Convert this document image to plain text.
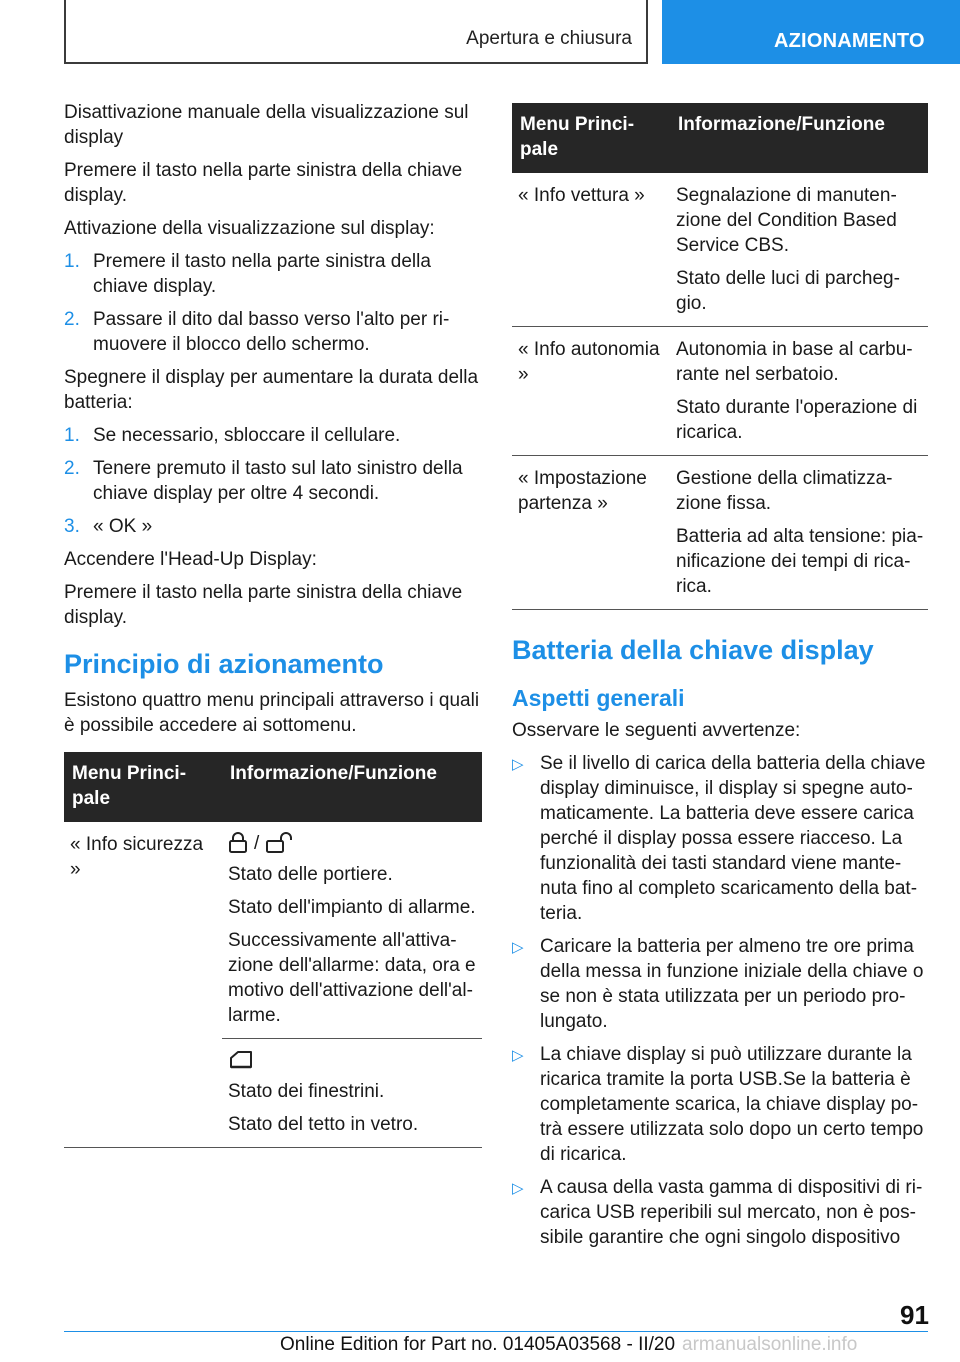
Apertura e chiusura	AZIONAMENTO

Disattivazione manuale della visualizzazione sul display

Premere il tasto nella parte sinistra della chiave display.

Attivazione della visualizzazione sul display:

1. Premere il tasto nella parte sinistra della chiave display.
2. Passare il dito dal basso verso l'alto per rimuovere il blocco dello schermo.

Spegnere il display per aumentare la durata della batteria:

1. Se necessario, sbloccare il cellulare.
2. Tenere premuto il tasto sul lato sinistro della chiave display per oltre 4 secondi.
3. « OK »

Accendere l'Head-Up Display:

Premere il tasto nella parte sinistra della chiave display.

Principio di azionamento

Esistono quattro menu principali attraverso i quali è possibile accedere ai sottomenu.

Menu Principale	Informazione/Funzione
« Info sicurezza »	/

Stato delle portiere.

Stato dell'impianto di allarme.

Successivamente all'attivazione dell'allarme: data, ora e motivo dell'attivazione dell'allarme.

	Stato dei finestrini.

Stato del tetto in vetro.

Menu Principale	Informazione/Funzione
« Info vettura »	Segnalazione di manutenzione del Condition Based Service CBS.

Stato delle luci di parcheggio.

« Info autonomia »	Autonomia in base al carburante nel serbatoio.

Stato durante l'operazione di ricarica.

« Impostazione partenza »	Gestione della climatizzazione fissa.

Batteria ad alta tensione: pianificazione dei tempi di ricarica.

Batteria della chiave display
Aspetti generali

Osservare le seguenti avvertenze:

▷ Se il livello di carica della batteria della chiave display diminuisce, il display si spegne automaticamente. La batteria deve essere carica perché il display possa essere riacceso. La funzionalità dei tasti standard viene mantenuta fino al completo scaricamento della batteria.
▷ Caricare la batteria per almeno tre ore prima della messa in funzione iniziale della chiave o se non è stata utilizzata per un periodo prolungato.
▷ La chiave display si può utilizzare durante la ricarica tramite la porta USB.Se la batteria è completamente scarica, la chiave display potrà essere utilizzata solo dopo un certo tempo di ricarica.
▷ A causa della vasta gamma di dispositivi di ricarica USB reperibili sul mercato, non è possibile garantire che ogni singolo dispositivo
91
Online Edition for Part no. 01405A03568 - II/20 armanualsonline.info
